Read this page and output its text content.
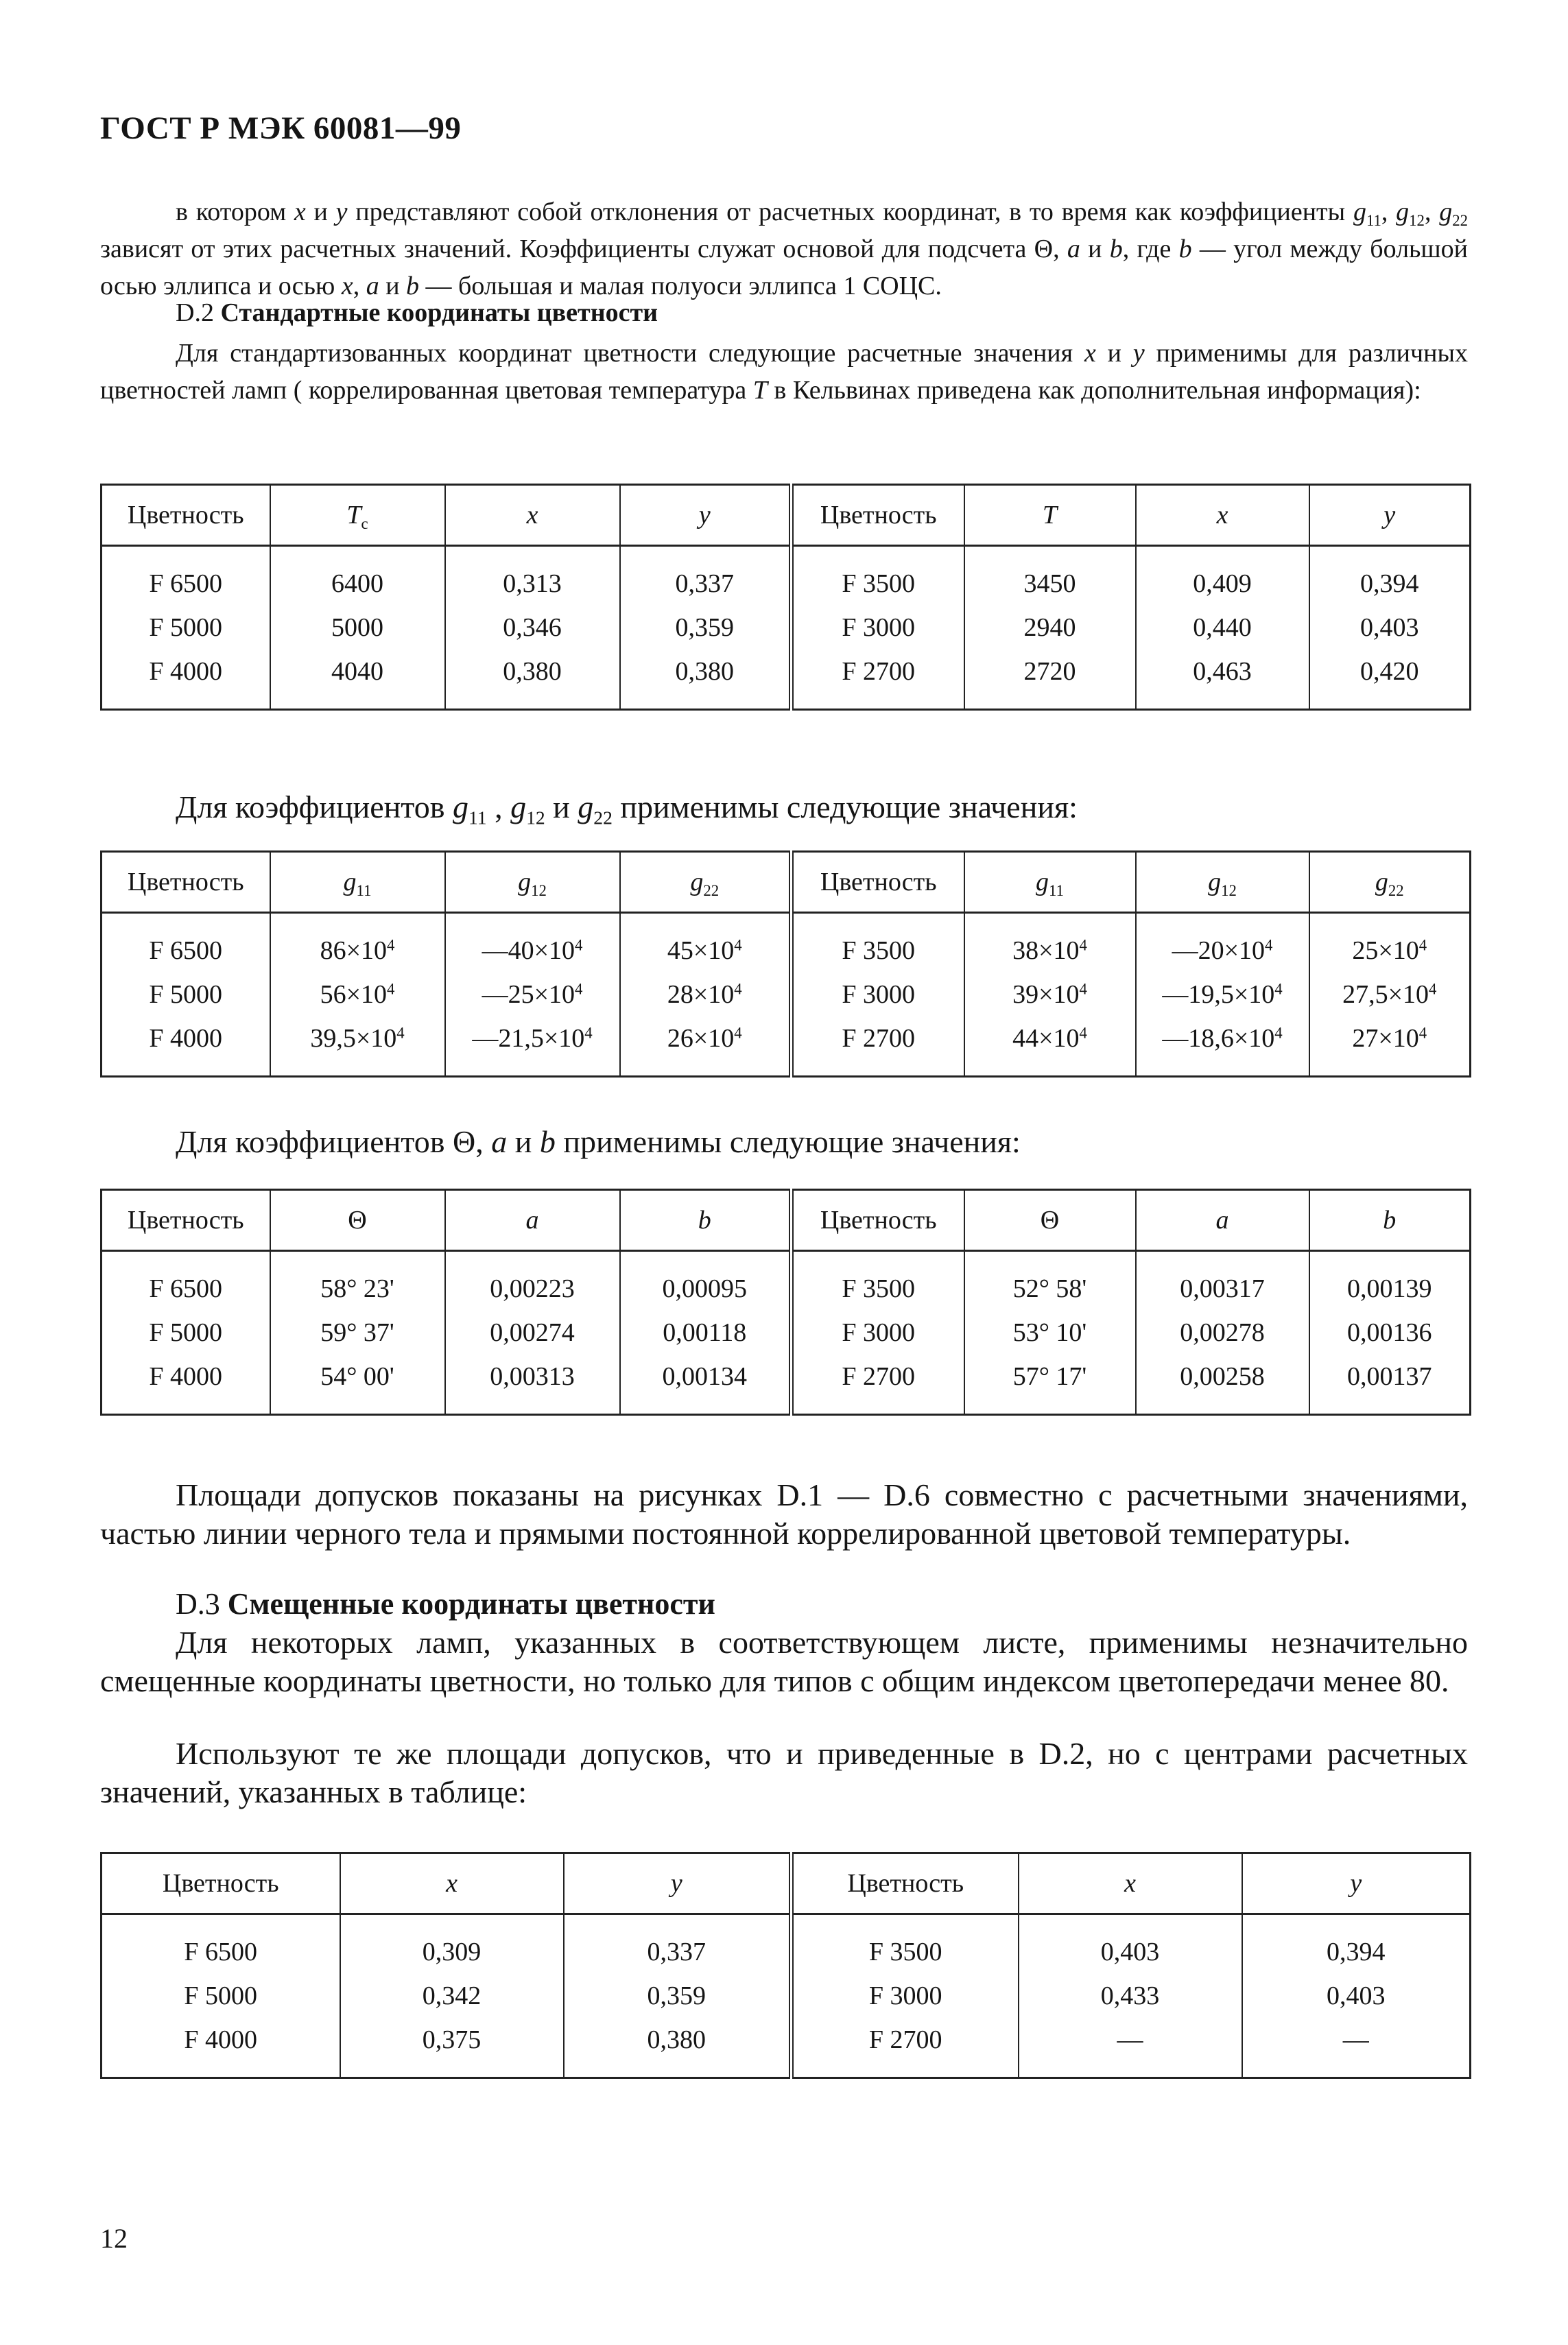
ГОСТ Р МЭК 60081—99
в котором x и y представляют собой отклонения от расчетных координат, в то время как коэффициенты $g_{11}$, $g_{12}$, $g_{22}$ зависят от этих расчетных значений. Коэффициенты служат основой для подсчета Θ, a и b, где b — угол между большой осью эллипса и осью x, a и b — большая и малая полуоси эллипса 1 СОЦС.
D.2 Стандартные координаты цветности
Для стандартизованных координат цветности следующие расчетные значения x и y применимы для различных цветностей ламп ( коррелированная цветовая температура T в Кельвинах приведена как дополнительная информация):
Цветность	$T_c$	x	y	Цветность	T	x	y
F 6500	6400	0,313	0,337	F 3500	3450	0,409	0,394
F 5000	5000	0,346	0,359	F 3000	2940	0,440	0,403
F 4000	4040	0,380	0,380	F 2700	2720	0,463	0,420
Для коэффициентов $g_{11}$ , $g_{12}$ и $g_{22}$ применимы следующие значения:
Цветность	$g_{11}$	$g_{12}$	$g_{22}$	Цветность	$g_{11}$	$g_{12}$	$g_{22}$
F 6500	$86\times 10^4$	$—40\times 10^4$	$45\times 10^4$	F 3500	$38\times 10^4$	$—20\times 10^4$	$25\times 10^4$
F 5000	$56\times 10^4$	$—25\times 10^4$	$28\times 10^4$	F 3000	$39\times 10^4$	$—19,5\times 10^4$	$27,5\times 10^4$
F 4000	$39,5\times 10^4$	$—21,5\times 10^4$	$26\times 10^4$	F 2700	$44\times 10^4$	$—18,6\times 10^4$	$27\times 10^4$
Для коэффициентов Θ, a и b применимы следующие значения:
Цветность	Θ	a	b	Цветность	Θ	a	b
F 6500	58° 23'	0,00223	0,00095	F 3500	52° 58'	0,00317	0,00139
F 5000	59° 37'	0,00274	0,00118	F 3000	53° 10'	0,00278	0,00136
F 4000	54° 00'	0,00313	0,00134	F 2700	57° 17'	0,00258	0,00137
Площади допусков показаны на рисунках D.1 — D.6 совместно с расчетными значениями, частью линии черного тела и прямыми постоянной коррелированной цветовой температуры.
D.3 Смещенные координаты цветности
Для некоторых ламп, указанных в соответствующем листе, применимы незначительно смещенные координаты цветности, но только для типов с общим индексом цветопередачи менее 80.
Используют те же площади допусков, что и приведенные в D.2, но с центрами расчетных значений, указанных в таблице:
Цветность	x	y	Цветность	x	y
F 6500	0,309	0,337	F 3500	0,403	0,394
F 5000	0,342	0,359	F 3000	0,433	0,403
F 4000	0,375	0,380	F 2700	—	—
12
